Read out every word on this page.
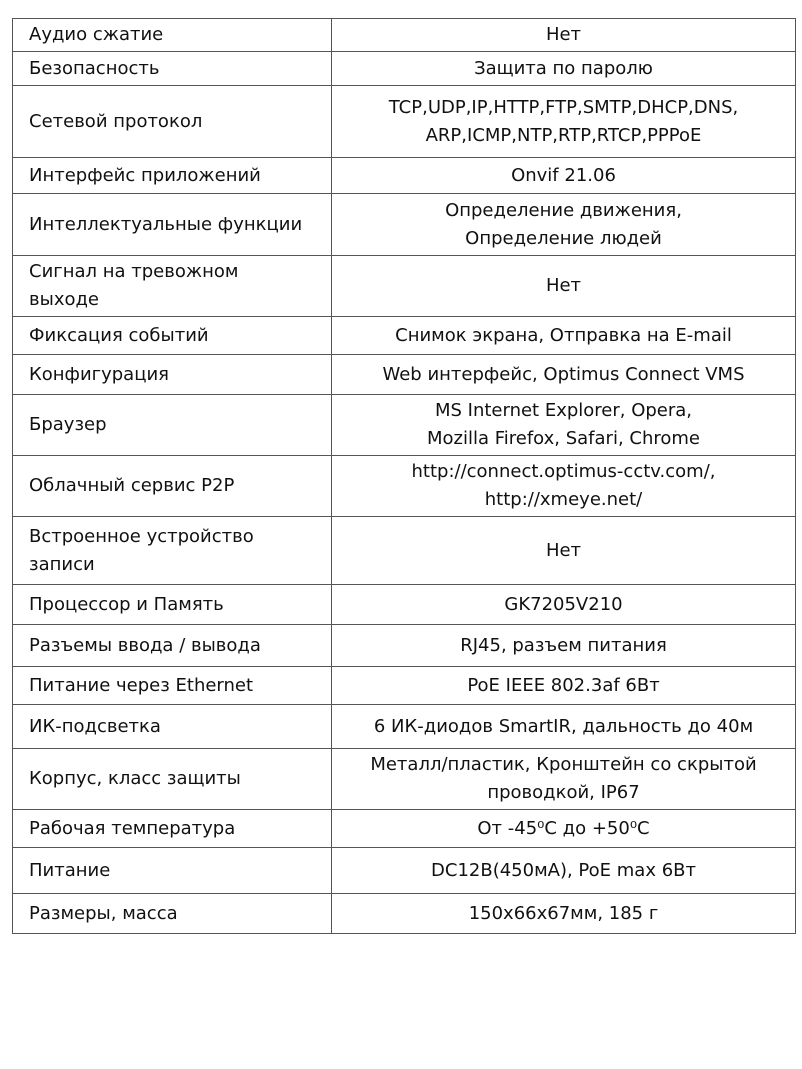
Аудио сжатие	Нет

Безопасность	Защита по паролю

Сетевой протокол	TCP,UDP,IP,HTTP,FTP,SMTP,DHCP,DNS,
ARP,ICMP,NTP,RTP,RTCP,PPPoE

Интерфейс приложений	Onvif 21.06

Интеллектуальные функции	Определение движения,
Определение людей

Сигнал на тревожном
выходе	Нет

Фиксация событий	Снимок экрана, Отправка на E-mail

Конфигурация	Web интерфейс, Optimus Connect VMS

Браузер	MS Internet Explorer, Opera,
Mozilla Firefox, Safari, Chrome

Облачный сервис P2P	http://connect.optimus-cctv.com/,
http://xmeye.net/

Встроенное устройство
записи	Нет

Процессор и Память	GK7205V210

Разъемы ввода / вывода	RJ45, разъем питания

Питание через Ethernet	PoE IEEE 802.3af 6Вт

ИК-подсветка	6 ИК-диодов SmartIR, дальность до 40м

Корпус, класс защиты	Металл/пластик, Кронштейн со скрытой
проводкой, IP67

Рабочая температура	От -45⁰С до +50⁰С

Питание	DC12В(450мА), PoE max 6Вт

Размеры, масса	150х66х67мм, 185 г
